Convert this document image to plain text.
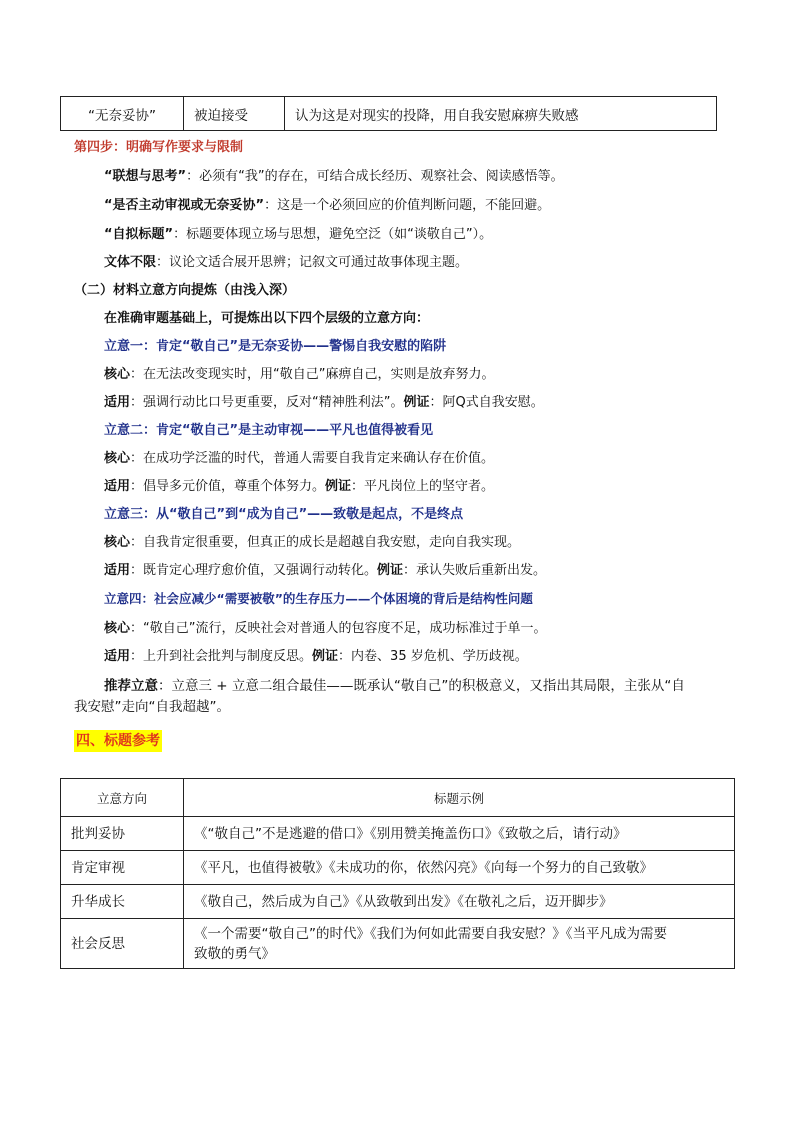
“无奈妥协”	被迫接受	认为这是对现实的投降，用自我安慰麻痹失败感
第四步：明确写作要求与限制
“联想与思考”：必须有“我”的存在，可结合成长经历、观察社会、阅读感悟等。
“是否主动审视或无奈妥协”：这是一个必须回应的价值判断问题，不能回避。
“自拟标题”：标题要体现立场与思想，避免空泛（如“谈敬自己”）。
文体不限：议论文适合展开思辨；记叙文可通过故事体现主题。
（二）材料立意方向提炼（由浅入深）
在准确审题基础上，可提炼出以下四个层级的立意方向：
立意一：肯定“敬自己”是无奈妥协——警惕自我安慰的陷阱
核心：在无法改变现实时，用“敬自己”麻痹自己，实则是放弃努力。
适用：强调行动比口号更重要，反对“精神胜利法”。例证：阿Q式自我安慰。
立意二：肯定“敬自己”是主动审视——平凡也值得被看见
核心：在成功学泛滥的时代，普通人需要自我肯定来确认存在价值。
适用：倡导多元价值，尊重个体努力。例证：平凡岗位上的坚守者。
立意三：从“敬自己”到“成为自己”——致敬是起点，不是终点
核心：自我肯定很重要，但真正的成长是超越自我安慰，走向自我实现。
适用：既肯定心理疗愈价值，又强调行动转化。例证：承认失败后重新出发。
立意四：社会应减少“需要被敬”的生存压力——个体困境的背后是结构性问题
核心：“敬自己”流行，反映社会对普通人的包容度不足，成功标准过于单一。
适用：上升到社会批判与制度反思。例证：内卷、35 岁危机、学历歧视。
推荐立意：立意三 + 立意二组合最佳——既承认“敬自己”的积极意义，又指出其局限，主张从“自
我安慰”走向“自我超越”。
四、标题参考
立意方向	标题示例
批判妥协	《“敬自己”不是逃避的借口》《别用赞美掩盖伤口》《致敬之后，请行动》
肯定审视	《平凡，也值得被敬》《未成功的你，依然闪亮》《向每一个努力的自己致敬》
升华成长	《敬自己，然后成为自己》《从致敬到出发》《在敬礼之后，迈开脚步》
社会反思	《一个需要“敬自己”的时代》《我们为何如此需要自我安慰？》《当平凡成为需要
致敬的勇气》
